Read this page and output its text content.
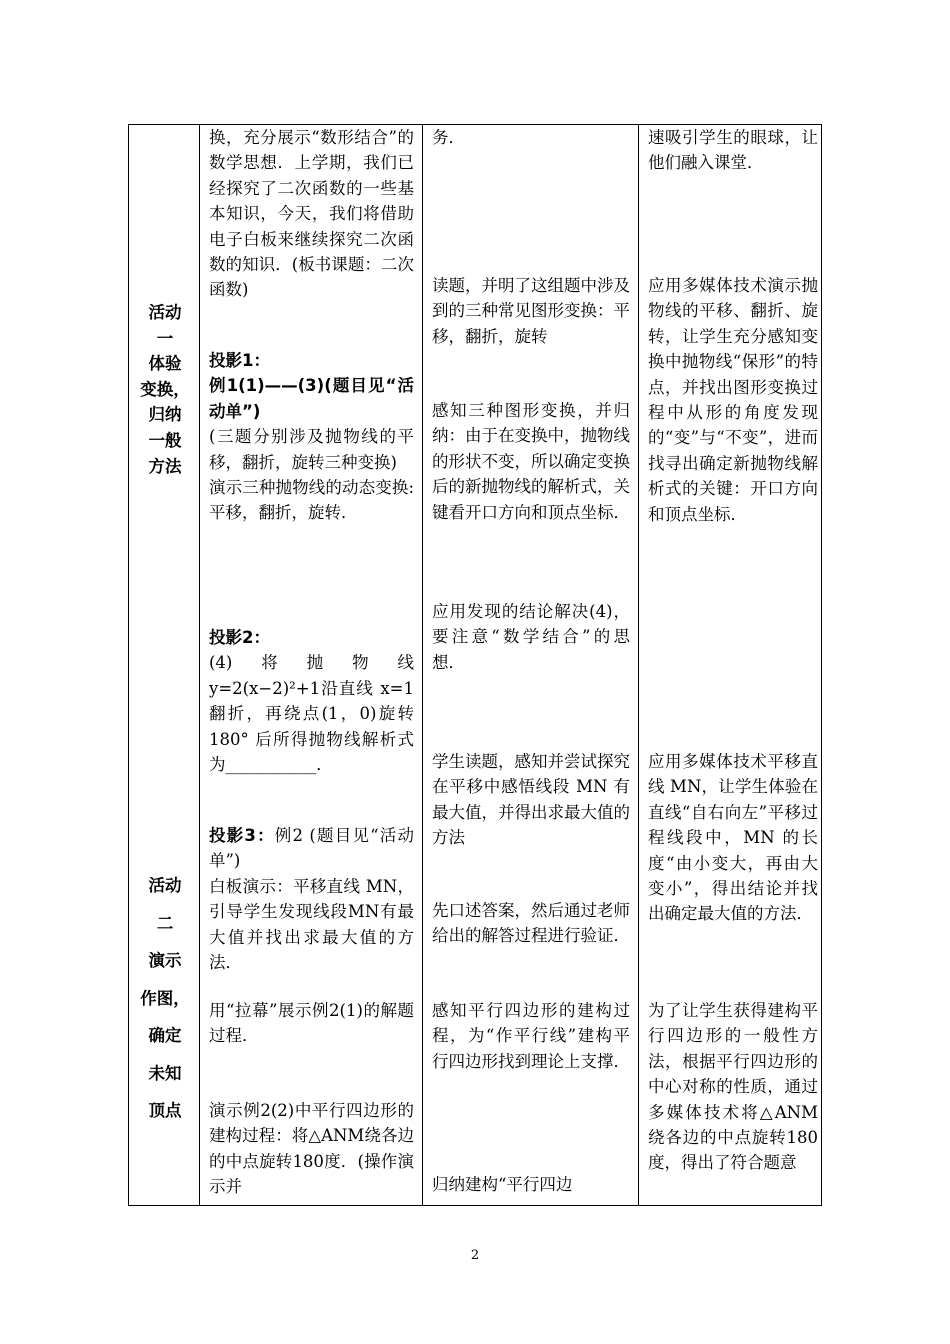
活动
一
体验
变换，
归纳
一般
方法
活动
二
演示
作图，
确定
未知
顶点
换，充分展示“数形结合”的数学思想．上学期，我们已经探究了二次函数的一些基本知识，今天，我们将借助电子白板来继续探究二次函数的知识．(板书课题：二次函数)

投影1：

例1(1)——(3)(题目见“活动单”)

(三题分别涉及抛物线的平移，翻折，旋转三种变换)

演示三种抛物线的动态变换:平移，翻折，旋转．

投影2：

(4)将抛物线 y=2(x−2)²+1沿直线 x=1翻折，再绕点(1，0)旋转180° 后所得抛物线解析式为___________．

投影3：例2 (题目见“活动单”)

白板演示：平移直线 MN，引导学生发现线段MN有最大值并找出求最大值的方法．

用“拉幕”展示例2(1)的解题过程．
演示例2(2)中平行四边形的建构过程：将△ANM绕各边的中点旋转180度．(操作演示并
务．
读题，并明了这组题中涉及到的三种常见图形变换：平移，翻折，旋转
感知三种图形变换，并归纳：由于在变换中，抛物线的形状不变，所以确定变换后的新抛物线的解析式，关键看开口方向和顶点坐标．
应用发现的结论解决(4)，要注意“数学结合”的思想．

学生读题，感知并尝试探究

在平移中感悟线段 MN 有最大值，并得出求最大值的方法

先口述答案，然后通过老师给出的解答过程进行验证．
感知平行四边形的建构过程，为“作平行线”建构平行四边形找到理论上支撑．
归纳建构“平行四边
速吸引学生的眼球，让他们融入课堂．
应用多媒体技术演示抛物线的平移、翻折、旋转，让学生充分感知变换中抛物线“保形”的特点，并找出图形变换过程中从形的角度发现的“变”与“不变”，进而找寻出确定新抛物线解析式的关键：开口方向和顶点坐标．
应用多媒体技术平移直线 MN，让学生体验在直线“自右向左”平移过程线段中，MN 的长度“由小变大，再由大变小”，得出结论并找出确定最大值的方法．
为了让学生获得建构平行四边形的一般性方法，根据平行四边形的中心对称的性质，通过多媒体技术将△ANM绕各边的中点旋转180度，得出了符合题意
2
